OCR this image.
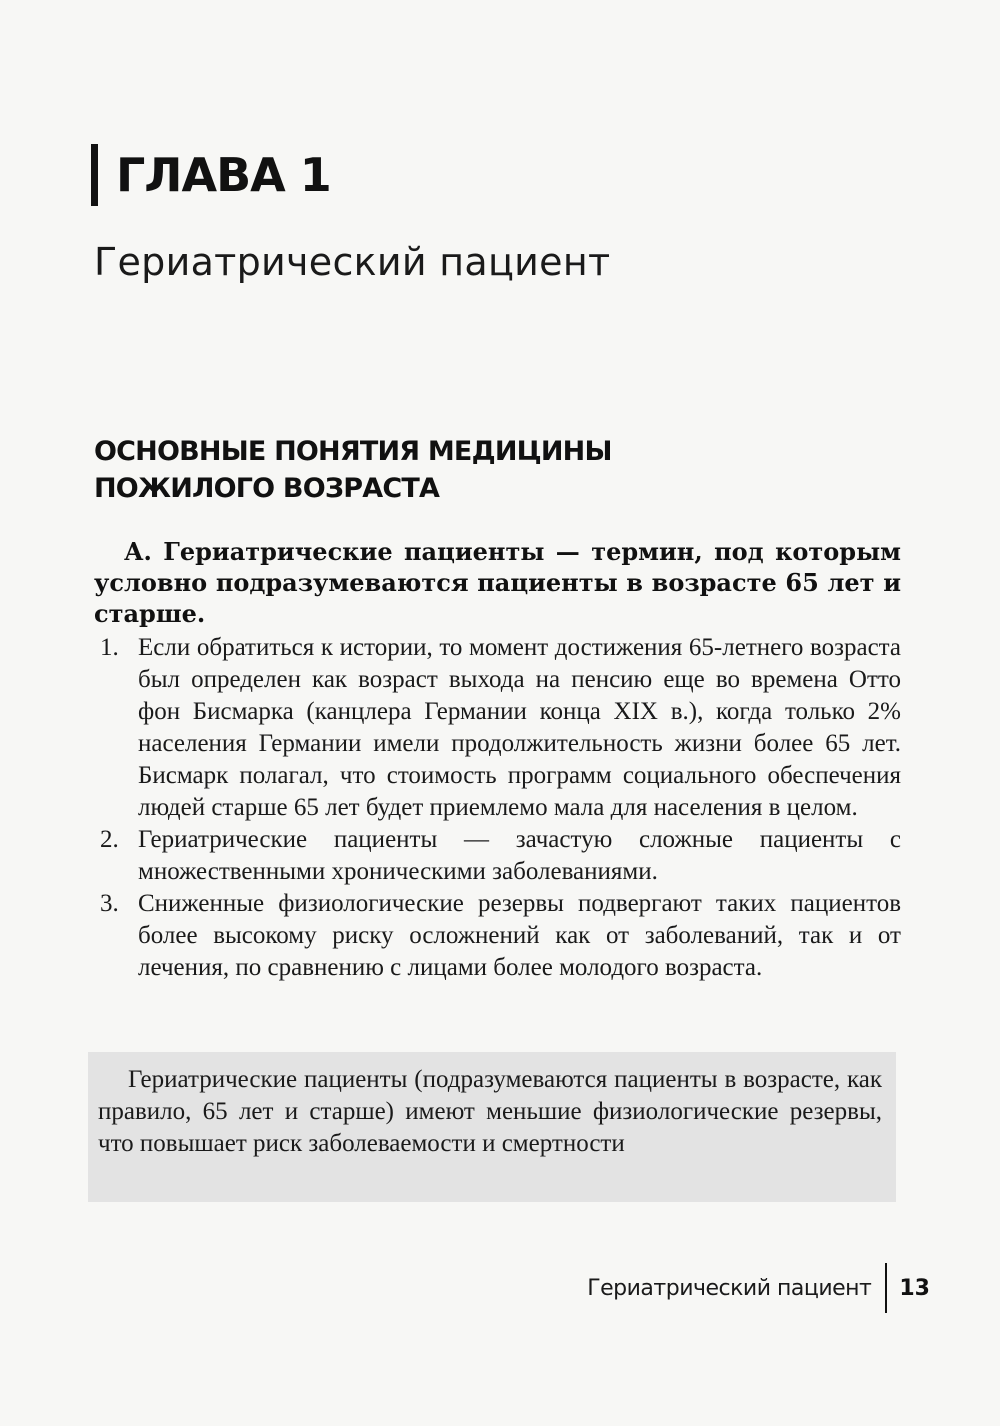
ГЛАВА 1
Гериатрический пациент
ОСНОВНЫЕ ПОНЯТИЯ МЕДИЦИНЫ
ПОЖИЛОГО ВОЗРАСТА
А. Гериатрические пациенты — термин, под которым условно подразумеваются пациенты в возрасте 65 лет и старше.
1. Если обратиться к истории, то момент достижения 65-летнего возраста был определен как возраст выхода на пенсию еще во времена Отто фон Бисмарка (канцлера Германии конца XIX в.), когда только 2% населения Германии имели продолжительность жизни более 65 лет. Бисмарк полагал, что стоимость программ социального обеспечения людей старше 65 лет будет приемлемо мала для населения в целом.
2. Гериатрические пациенты — зачастую сложные пациенты с множественными хроническими заболеваниями.
3. Сниженные физиологические резервы подвергают таких пациентов более высокому риску осложнений как от заболеваний, так и от лечения, по сравнению с лицами более молодого возраста.
Гериатрические пациенты (подразумеваются пациенты в возрасте, как правило, 65 лет и старше) имеют меньшие физиологические резервы, что повышает риск заболеваемости и смертности
Гериатрический пациент 13
